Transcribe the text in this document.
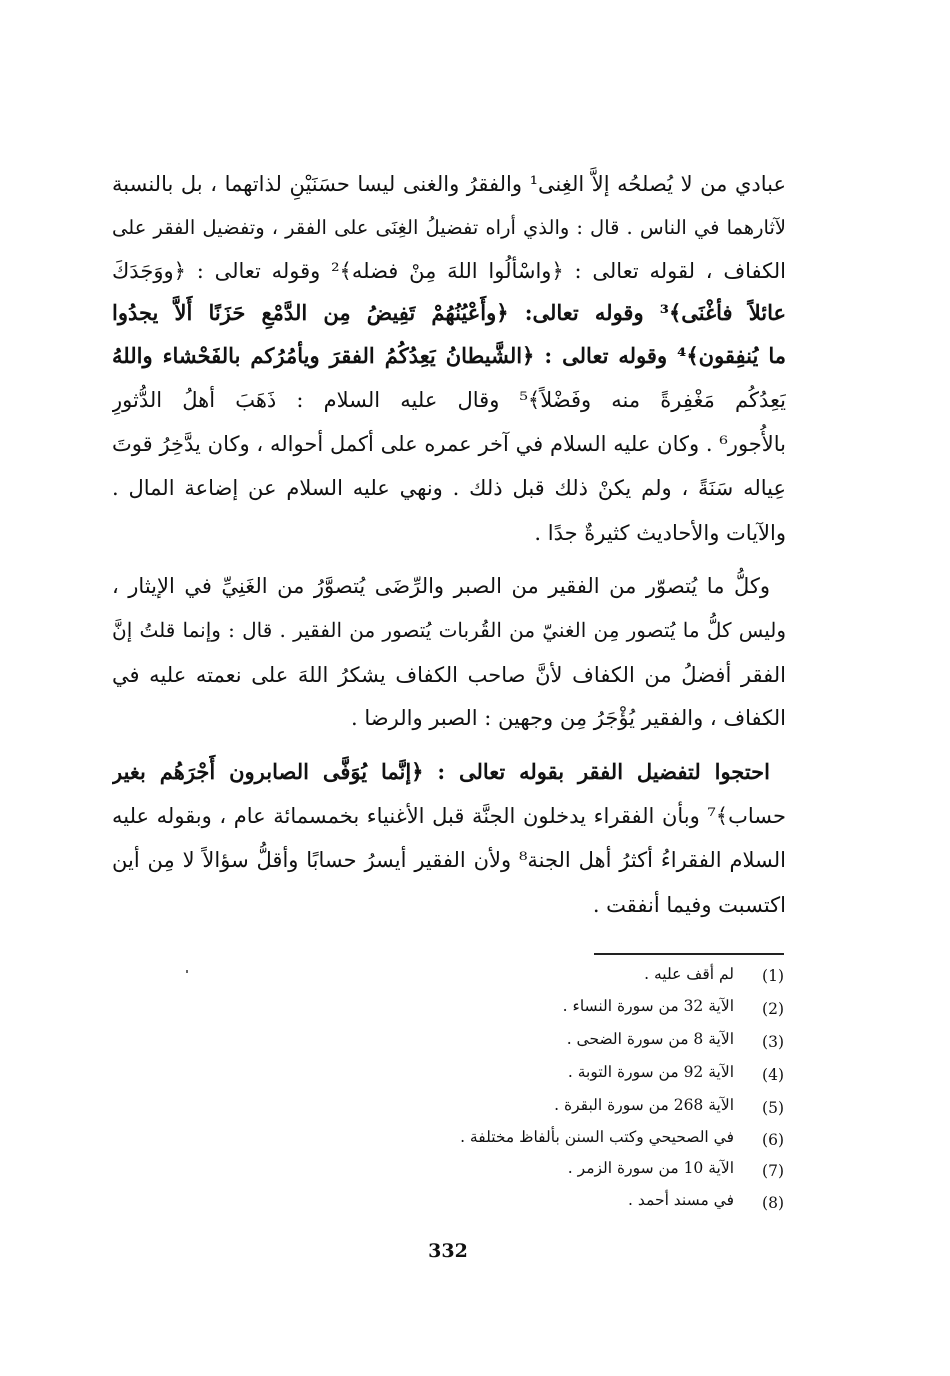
عبادي من لا يُصلحُه إلاَّ الغِنى¹ والفقرُ والغنى ليسا حسَنَيْنِ لذاتهما ، بل بالنسبة
لآثارهما في الناس . قال : والذي أراه تفضيلُ الغِنَى على الفقر ، وتفضيل الفقر على
الكفاف ، لقوله تعالى : ﴿واسْألُوا اللهَ مِنْ فضله﴾² وقوله تعالى : ﴿ووَجَدَكَ
عائلاً فأغْنَى﴾³ وقوله تعالى: ﴿وأَعْيُنُهُمْ تَفِيضُ مِن الدَّمْعِ حَزَنًا أَلاَّ يجدُوا
ما يُنفِقون﴾⁴ وقوله تعالى : ﴿الشَّيطانُ يَعِدُكُمُ الفقرَ ويأمُرُكم بالفَحْشاء واللهُ
يَعِدُكُم مَغْفِرةً منه وفَضْلاً﴾⁵ وقال عليه السلام : ذَهَبَ أهلُ الدُّثورِ
بالأُجور⁶ . وكان عليه السلام في آخر عمره على أكمل أحواله ، وكان يدَّخِرُ قوتَ
عِياله سَنَةً ، ولم يكنْ ذلك قبل ذلك . ونهي عليه السلام عن إضاعة المال .
والآيات والأحاديث كثيرةٌ جدًا .
وكلُّ ما يُتصوّر من الفقير من الصبر والرِّضَى يُتصوَّرُ من الغَنِيِّ في الإيثار ،
وليس كلُّ ما يُتصور مِن الغنيّ من القُربات يُتصور من الفقير . قال : وإنما قلتُ إنَّ
الفقر أفضلُ من الكفاف لأنَّ صاحب الكفاف يشكرُ اللهَ على نعمته عليه في
الكفاف ، والفقير يُؤْجَرُ مِن وجهين : الصبر والرضا .
احتجوا لتفضيل الفقر بقوله تعالى : ﴿إنَّما يُوَفَّى الصابرون أَجْرَهُم بغير
حساب﴾⁷ وبأن الفقراء يدخلون الجنَّة قبل الأغنياء بخمسمائة عام ، وبقوله عليه
السلام الفقراءُ أكثرُ أهل الجنة⁸ ولأن الفقير أيسرُ حسابًا وأقلُّ سؤالاً لا مِن أين
اكتسبت وفيما أنفقت .
(1)
لم أقف عليه .
(2)
الآية 32 من سورة النساء .
(3)
الآية 8 من سورة الضحى .
(4)
الآية 92 من سورة التوبة .
(5)
الآية 268 من سورة البقرة .
(6)
في الصحيحي وكتب السنن بألفاظ مختلفة .
(7)
الآية 10 من سورة الزمر .
(8)
في مسند أحمد .
332
